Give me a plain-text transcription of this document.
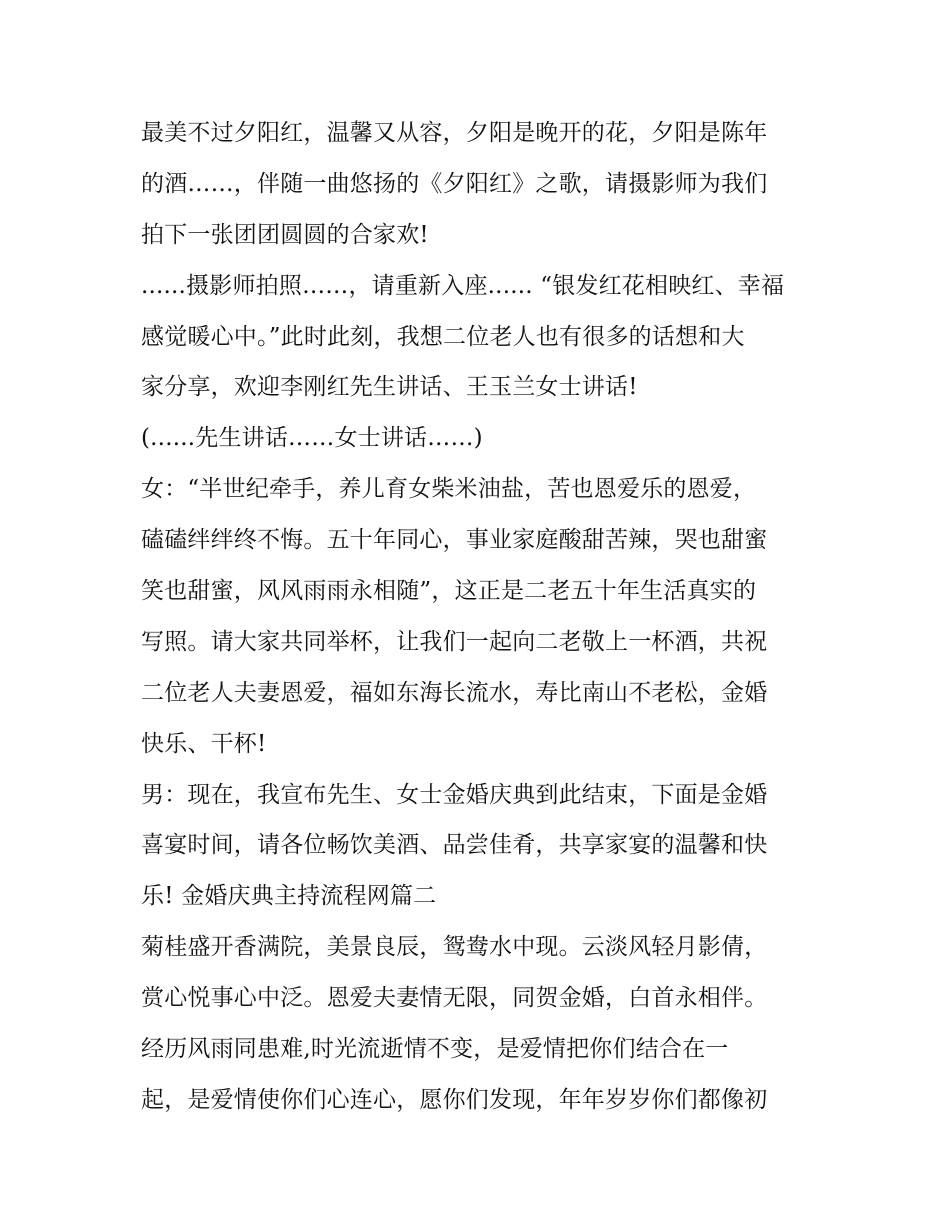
最美不过夕阳红，温馨又从容，夕阳是晚开的花，夕阳是陈年
的酒……，伴随一曲悠扬的《夕阳红》之歌，请摄影师为我们
拍下一张团团圆圆的合家欢!
......摄影师拍照……，请重新入座...... “银发红花相映红、幸福
感觉暖心中。”此时此刻，我想二位老人也有很多的话想和大
家分享，欢迎李刚红先生讲话、王玉兰女士讲话!
(......先生讲话……女士讲话……)
女：“半世纪牵手，养儿育女柴米油盐，苦也恩爱乐的恩爱，
磕磕绊绊终不悔。五十年同心，事业家庭酸甜苦辣，哭也甜蜜
笑也甜蜜，风风雨雨永相随”，这正是二老五十年生活真实的
写照。请大家共同举杯，让我们一起向二老敬上一杯酒，共祝
二位老人夫妻恩爱，福如东海长流水，寿比南山不老松，金婚
快乐、干杯!
男：现在，我宣布先生、女士金婚庆典到此结束，下面是金婚
喜宴时间，请各位畅饮美酒、品尝佳肴，共享家宴的温馨和快
乐! 金婚庆典主持流程网篇二
菊桂盛开香满院，美景良辰，鸳鸯水中现。云淡风轻月影倩，
赏心悦事心中泛。恩爱夫妻情无限，同贺金婚，白首永相伴。
经历风雨同患难,时光流逝情不变，是爱情把你们结合在一
起，是爱情使你们心连心，愿你们发现，年年岁岁你们都像初
